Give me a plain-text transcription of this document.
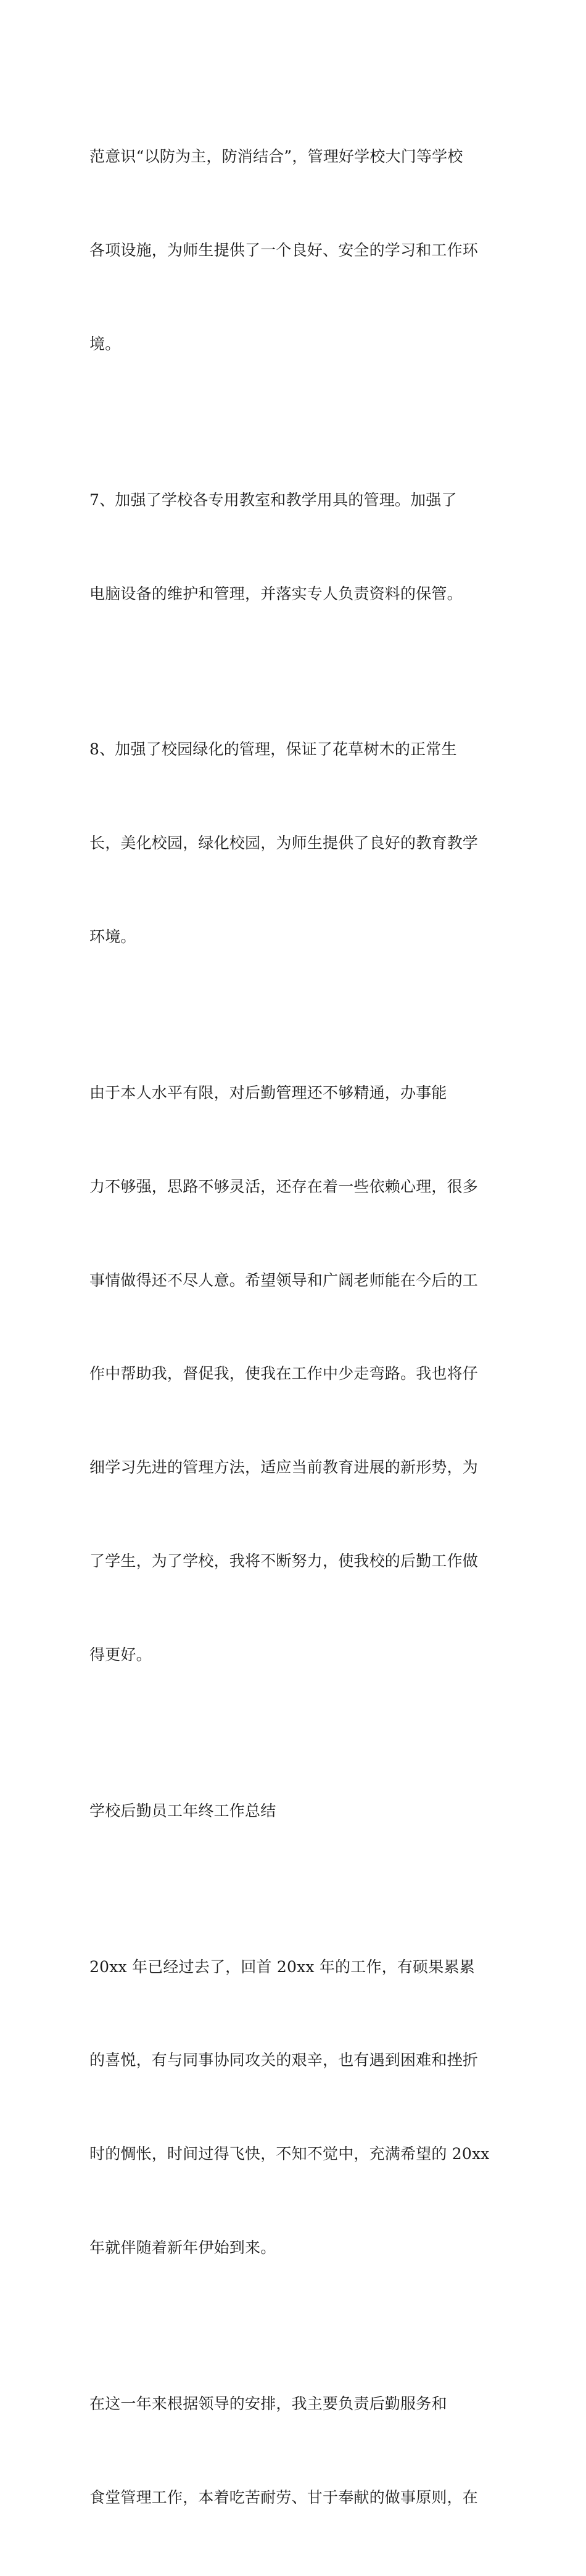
范意识“以防为主，防消结合”，管理好学校大门等学校

各项设施，为师生提供了一个良好、安全的学习和工作环

境。

7、加强了学校各专用教室和教学用具的管理。加强了

电脑设备的维护和管理，并落实专人负责资料的保管。

8、加强了校园绿化的管理，保证了花草树木的正常生

长，美化校园，绿化校园，为师生提供了良好的教育教学

环境。

由于本人水平有限，对后勤管理还不够精通，办事能

力不够强，思路不够灵活，还存在着一些依赖心理，很多

事情做得还不尽人意。希望领导和广阔老师能在今后的工

作中帮助我，督促我，使我在工作中少走弯路。我也将仔

细学习先进的管理方法，适应当前教育进展的新形势，为

了学生，为了学校，我将不断努力，使我校的后勤工作做

得更好。

学校后勤员工年终工作总结

20xx 年已经过去了，回首 20xx 年的工作，有硕果累累

的喜悦，有与同事协同攻关的艰辛，也有遇到困难和挫折

时的惆怅，时间过得飞快，不知不觉中，充满希望的 20xx

年就伴随着新年伊始到来。

在这一年来根据领导的安排，我主要负责后勤服务和

食堂管理工作，本着吃苦耐劳、甘于奉献的做事原则，在
